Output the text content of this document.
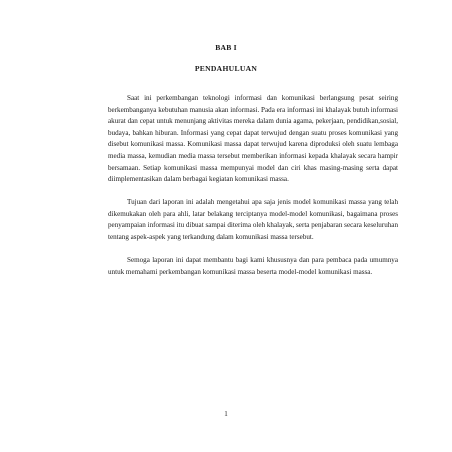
BAB I
PENDAHULUAN

Saat ini perkembangan teknologi informasi dan komunikasi berlangsung pesat seiring berkembanganya kebutuhan manusia akan informasi. Pada era informasi ini khalayak butuh informasi akurat dan cepat untuk menunjang aktivitas mereka dalam dunia agama, pekerjaan, pendidikan,sosial, budaya, bahkan hiburan. Informasi yang cepat dapat terwujud dengan suatu proses komunikasi yang disebut komunikasi massa. Komunikasi massa dapat terwujud karena diproduksi oleh suatu lembaga media massa, kemudian media massa tersebut memberikan informasi kepada khalayak secara hampir bersamaan. Setiap komunikasi massa mempunyai model dan ciri khas masing-masing serta dapat diimplementasikan dalam berbagai kegiatan komunikasi massa.

Tujuan dari laporan ini adalah mengetahui apa saja jenis model komunikasi massa yang telah dikemukakan oleh para ahli, latar belakang terciptanya model-model komunikasi, bagaimana proses penyampaian informasi itu dibuat sampai diterima oleh khalayak, serta penjabaran secara keseluruhan tentang aspek-aspek yang terkandung dalam komunikasi massa tersebut.

Semoga laporan ini dapat membantu bagi kami khususnya dan para pembaca pada umumnya untuk memahami perkembangan komunikasi massa beserta model-model komunikasi massa.

1
